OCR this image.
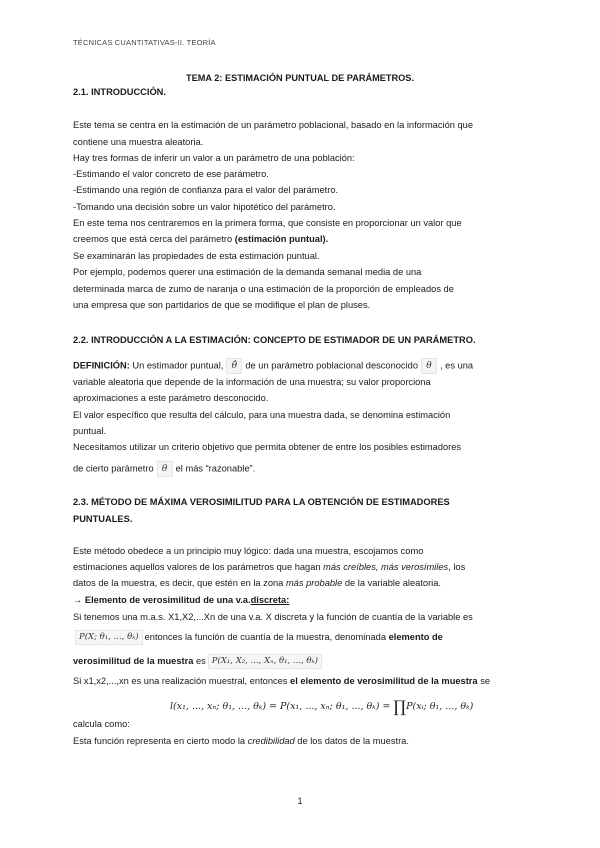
TÉCNICAS CUANTITATIVAS-II. TEORÍA
TEMA 2: ESTIMACIÓN PUNTUAL DE PARÁMETROS.
2.1. INTRODUCCIÓN.
Este tema se centra en la estimación de un parámetro poblacional, basado en la información que
contiene una muestra aleatoria.
Hay tres formas de inferir un valor a un parámetro de una población:
-Estimando el valor concreto de ese parámetro.
-Estimando una región de confianza para el valor del parámetro.
-Tomando una decisión sobre un valor hipotético del parámetro.
En este tema nos centraremos en la primera forma, que consiste en proporcionar un valor que
creemos que está cerca del parámetro (estimación puntual).
Se examinarán las propiedades de esta estimación puntual.
Por ejemplo, podemos querer una estimación de la demanda semanal media de una
determinada marca de zumo de naranja o una estimación de la proporción de empleados de
una empresa que son partidarios de que se modifique el plan de pluses.
2.2. INTRODUCCIÓN A LA ESTIMACIÓN: CONCEPTO DE ESTIMADOR DE UN PARÁMETRO.
DEFINICIÓN: Un estimador puntual, θ̂ de un parámetro poblacional desconocido θ , es una
variable aleatoria que depende de la información de una muestra; su valor proporciona
aproximaciones a este parámetro desconocido.
El valor específico que resulta del cálculo, para una muestra dada, se denomina estimación
puntual.
Necesitamos utilizar un criterio objetivo que permita obtener de entre los posibles estimadores
de cierto parámetro θ el más “razonable”.
2.3. MÉTODO DE MÁXIMA VEROSIMILITUD PARA LA OBTENCIÓN DE ESTIMADORES
PUNTUALES.
Este método obedece a un principio muy lógico: dada una muestra, escojamos como
estimaciones aquellos valores de los parámetros que hagan más creíbles, más verosímiles, los
datos de la muestra, es decir, que estén en la zona más probable de la variable aleatoria.
→ Elemento de verosimilitud de una v.a.discreta:
Si tenemos una m.a.s. X1,X2,...Xn de una v.a. X discreta y la función de cuantía de la variable es
P(X; θ₁, ..., θₖ) entonces la función de cuantía de la muestra, denominada elemento de
verosimilitud de la muestra es P(X₁, X₂, ..., Xₙ, θ₁, ..., θₖ)
Si x1,x2,...,xn es una realización muestral, entonces el elemento de verosimilitud de la muestra se
l(x₁, ..., xₙ; θ₁, ..., θₖ) = P(x₁, ..., xₙ; θ₁, ..., θₖ) = ∏P(xᵢ; θ₁, ..., θₖ)
calcula como:
Esta función representa en cierto modo la credibilidad de los datos de la muestra.
1
